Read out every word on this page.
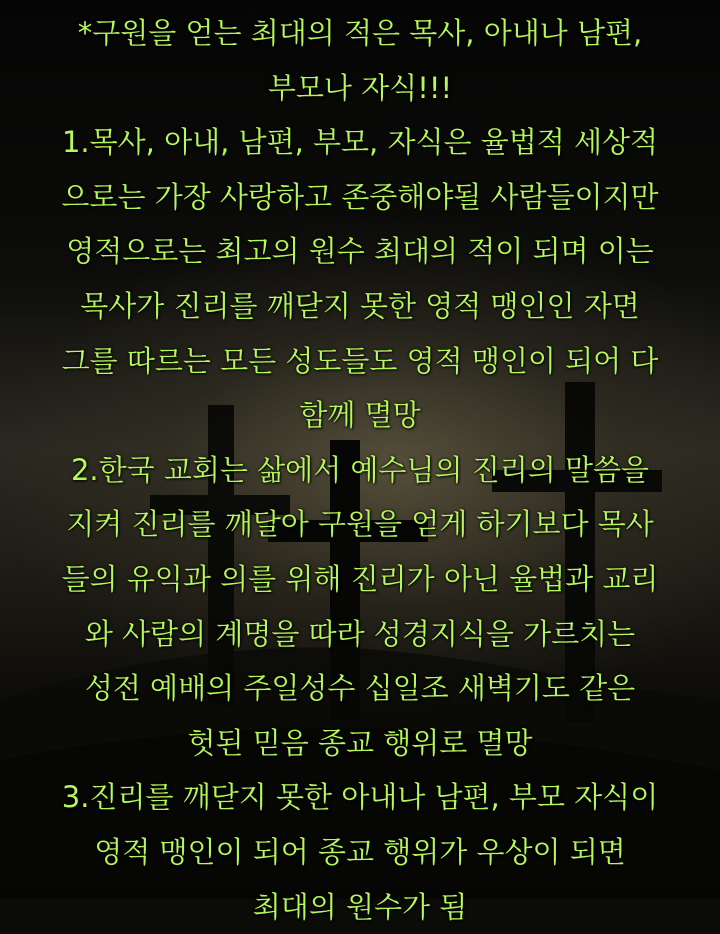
*구원을 얻는 최대의 적은 목사, 아내나 남편,
부모나 자식!!!
1.목사, 아내, 남편, 부모, 자식은 율법적 세상적
으로는 가장 사랑하고 존중해야될 사람들이지만
영적으로는 최고의 원수 최대의 적이 되며 이는
목사가 진리를 깨닫지 못한 영적 맹인인 자면
그를 따르는 모든 성도들도 영적 맹인이 되어 다
함께 멸망
2.한국 교회는 삶에서 예수님의 진리의 말씀을
지켜 진리를 깨달아 구원을 얻게 하기보다 목사
들의 유익과 의를 위해 진리가 아닌 율법과 교리
와 사람의 계명을 따라 성경지식을 가르치는
성전 예배의 주일성수 십일조 새벽기도 같은
헛된 믿음 종교 행위로 멸망
3.진리를 깨닫지 못한 아내나 남편, 부모 자식이
영적 맹인이 되어 종교 행위가 우상이 되면
최대의 원수가 됨
